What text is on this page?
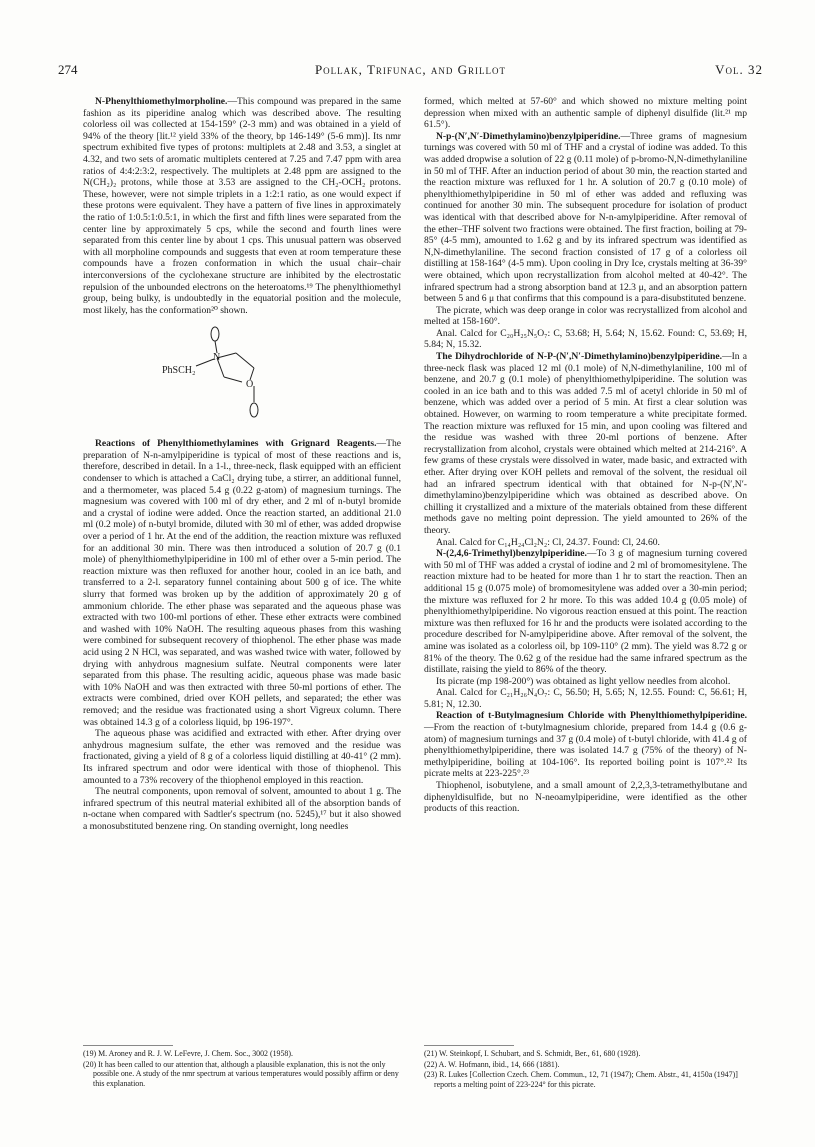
274	Pollak, Trifunac, and Grillot	Vol. 32

N-Phenylthiomethylmorpholine.—This compound was prepared in the same fashion as its piperidine analog which was described above. The resulting colorless oil was collected at 154-159° (2-3 mm) and was obtained in a yield of 94% of the theory [lit.¹² yield 33% of the theory, bp 146-149° (5-6 mm)]. Its nmr spectrum exhibited five types of protons: multiplets at 2.48 and 3.53, a singlet at 4.32, and two sets of aromatic multiplets centered at 7.25 and 7.47 ppm with area ratios of 4:4:2:3:2, respectively. The multiplets at 2.48 ppm are assigned to the N(CH₂)₂ protons, while those at 3.53 are assigned to the CH₂-OCH₂ protons. These, however, were not simple triplets in a 1:2:1 ratio, as one would expect if these protons were equivalent. They have a pattern of five lines in approximately the ratio of 1:0.5:1:0.5:1, in which the first and fifth lines were separated from the center line by approximately 5 cps, while the second and fourth lines were separated from this center line by about 1 cps. This unusual pattern was observed with all morpholine compounds and suggests that even at room temperature these compounds have a frozen conformation in which the usual chair–chair interconversions of the cyclohexane structure are inhibited by the electrostatic repulsion of the unbounded electrons on the heteroatoms.¹⁹ The phenylthiomethyl group, being bulky, is undoubtedly in the equatorial position and the molecule, most likely, has the conformation²⁰ shown.

PhSCH₂
N
O

Reactions of Phenylthiomethylamines with Grignard Reagents.—The preparation of N-n-amylpiperidine is typical of most of these reactions and is, therefore, described in detail. In a 1-l., three-neck, flask equipped with an efficient condenser to which is attached a CaCl₂ drying tube, a stirrer, an additional funnel, and a thermometer, was placed 5.4 g (0.22 g-atom) of magnesium turnings. The magnesium was covered with 100 ml of dry ether, and 2 ml of n-butyl bromide and a crystal of iodine were added. Once the reaction started, an additional 21.0 ml (0.2 mole) of n-butyl bromide, diluted with 30 ml of ether, was added dropwise over a period of 1 hr. At the end of the addition, the reaction mixture was refluxed for an additional 30 min. There was then introduced a solution of 20.7 g (0.1 mole) of phenylthiomethylpiperidine in 100 ml of ether over a 5-min period. The reaction mixture was then refluxed for another hour, cooled in an ice bath, and transferred to a 2-l. separatory funnel containing about 500 g of ice. The white slurry that formed was broken up by the addition of approximately 20 g of ammonium chloride. The ether phase was separated and the aqueous phase was extracted with two 100-ml portions of ether. These ether extracts were combined and washed with 10% NaOH. The resulting aqueous phases from this washing were combined for subsequent recovery of thiophenol. The ether phase was made acid using 2 N HCl, was separated, and was washed twice with water, followed by drying with anhydrous magnesium sulfate. Neutral components were later separated from this phase. The resulting acidic, aqueous phase was made basic with 10% NaOH and was then extracted with three 50-ml portions of ether. The extracts were combined, dried over KOH pellets, and separated; the ether was removed; and the residue was fractionated using a short Vigreux column. There was obtained 14.3 g of a colorless liquid, bp 196-197°.

The aqueous phase was acidified and extracted with ether. After drying over anhydrous magnesium sulfate, the ether was removed and the residue was fractionated, giving a yield of 8 g of a colorless liquid distilling at 40-41° (2 mm). Its infrared spectrum and odor were identical with those of thiophenol. This amounted to a 73% recovery of the thiophenol employed in this reaction.

The neutral components, upon removal of solvent, amounted to about 1 g. The infrared spectrum of this neutral material exhibited all of the absorption bands of n-octane when compared with Sadtler's spectrum (no. 5245),¹⁷ but it also showed a monosubstituted benzene ring. On standing overnight, long needles

formed, which melted at 57-60° and which showed no mixture melting point depression when mixed with an authentic sample of diphenyl disulfide (lit.²¹ mp 61.5°).

N-p-(N′,N′-Dimethylamino)benzylpiperidine.—Three grams of magnesium turnings was covered with 50 ml of THF and a crystal of iodine was added. To this was added dropwise a solution of 22 g (0.11 mole) of p-bromo-N,N-dimethylaniline in 50 ml of THF. After an induction period of about 30 min, the reaction started and the reaction mixture was refluxed for 1 hr. A solution of 20.7 g (0.10 mole) of phenylthiomethylpiperidine in 50 ml of ether was added and refluxing was continued for another 30 min. The subsequent procedure for isolation of product was identical with that described above for N-n-amylpiperidine. After removal of the ether–THF solvent two fractions were obtained. The first fraction, boiling at 79-85° (4-5 mm), amounted to 1.62 g and by its infrared spectrum was identified as N,N-dimethylaniline. The second fraction consisted of 17 g of a colorless oil distilling at 158-164° (4-5 mm). Upon cooling in Dry Ice, crystals melting at 36-39° were obtained, which upon recrystallization from alcohol melted at 40-42°. The infrared spectrum had a strong absorption band at 12.3 μ, and an absorption pattern between 5 and 6 μ that confirms that this compound is a para-disubstituted benzene.

The picrate, which was deep orange in color was recrystallized from alcohol and melted at 158-160°.

Anal. Calcd for C₂₀H₂₅N₅O₇: C, 53.68; H, 5.64; N, 15.62. Found: C, 53.69; H, 5.84; N, 15.32.

The Dihydrochloride of N-P-(N′,N′-Dimethylamino)benzylpiperidine.—In a three-neck flask was placed 12 ml (0.1 mole) of N,N-dimethylaniline, 100 ml of benzene, and 20.7 g (0.1 mole) of phenylthiomethylpiperidine. The solution was cooled in an ice bath and to this was added 7.5 ml of acetyl chloride in 50 ml of benzene, which was added over a period of 5 min. At first a clear solution was obtained. However, on warming to room temperature a white precipitate formed. The reaction mixture was refluxed for 15 min, and upon cooling was filtered and the residue was washed with three 20-ml portions of benzene. After recrystallization from alcohol, crystals were obtained which melted at 214-216°. A few grams of these crystals were dissolved in water, made basic, and extracted with ether. After drying over KOH pellets and removal of the solvent, the residual oil had an infrared spectrum identical with that obtained for N-p-(N′,N′-dimethylamino)benzylpiperidine which was obtained as described above. On chilling it crystallized and a mixture of the materials obtained from these different methods gave no melting point depression. The yield amounted to 26% of the theory.

Anal. Calcd for C₁₄H₂₄Cl₂N₂: Cl, 24.37. Found: Cl, 24.60.

N-(2,4,6-Trimethyl)benzylpiperidine.—To 3 g of magnesium turning covered with 50 ml of THF was added a crystal of iodine and 2 ml of bromomesitylene. The reaction mixture had to be heated for more than 1 hr to start the reaction. Then an additional 15 g (0.075 mole) of bromomesitylene was added over a 30-min period; the mixture was refluxed for 2 hr more. To this was added 10.4 g (0.05 mole) of phenylthiomethylpiperidine. No vigorous reaction ensued at this point. The reaction mixture was then refluxed for 16 hr and the products were isolated according to the procedure described for N-amylpiperidine above. After removal of the solvent, the amine was isolated as a colorless oil, bp 109-110° (2 mm). The yield was 8.72 g or 81% of the theory. The 0.62 g of the residue had the same infrared spectrum as the distillate, raising the yield to 86% of the theory.

Its picrate (mp 198-200°) was obtained as light yellow needles from alcohol.

Anal. Calcd for C₂₁H₂₆N₄O₇: C, 56.50; H, 5.65; N, 12.55. Found: C, 56.61; H, 5.81; N, 12.30.

Reaction of t-Butylmagnesium Chloride with Phenylthiomethylpiperidine.—From the reaction of t-butylmagnesium chloride, prepared from 14.4 g (0.6 g-atom) of magnesium turnings and 37 g (0.4 mole) of t-butyl chloride, with 41.4 g of phenylthiomethylpiperidine, there was isolated 14.7 g (75% of the theory) of N-methylpiperidine, boiling at 104-106°. Its reported boiling point is 107°.²² Its picrate melts at 223-225°.²³

Thiophenol, isobutylene, and a small amount of 2,2,3,3-tetramethylbutane and diphenyldisulfide, but no N-neoamylpiperidine, were identified as the other products of this reaction.

(19) M. Aroney and R. J. W. LeFevre, J. Chem. Soc., 3002 (1958).
(20) It has been called to our attention that, although a plausible explanation, this is not the only possible one. A study of the nmr spectrum at various temperatures would possibly affirm or deny this explanation.
(21) W. Steinkopf, I. Schubart, and S. Schmidt, Ber., 61, 680 (1928).
(22) A. W. Hofmann, ibid., 14, 666 (1881).
(23) R. Lukes [Collection Czech. Chem. Commun., 12, 71 (1947); Chem. Abstr., 41, 4150a (1947)] reports a melting point of 223-224° for this picrate.
